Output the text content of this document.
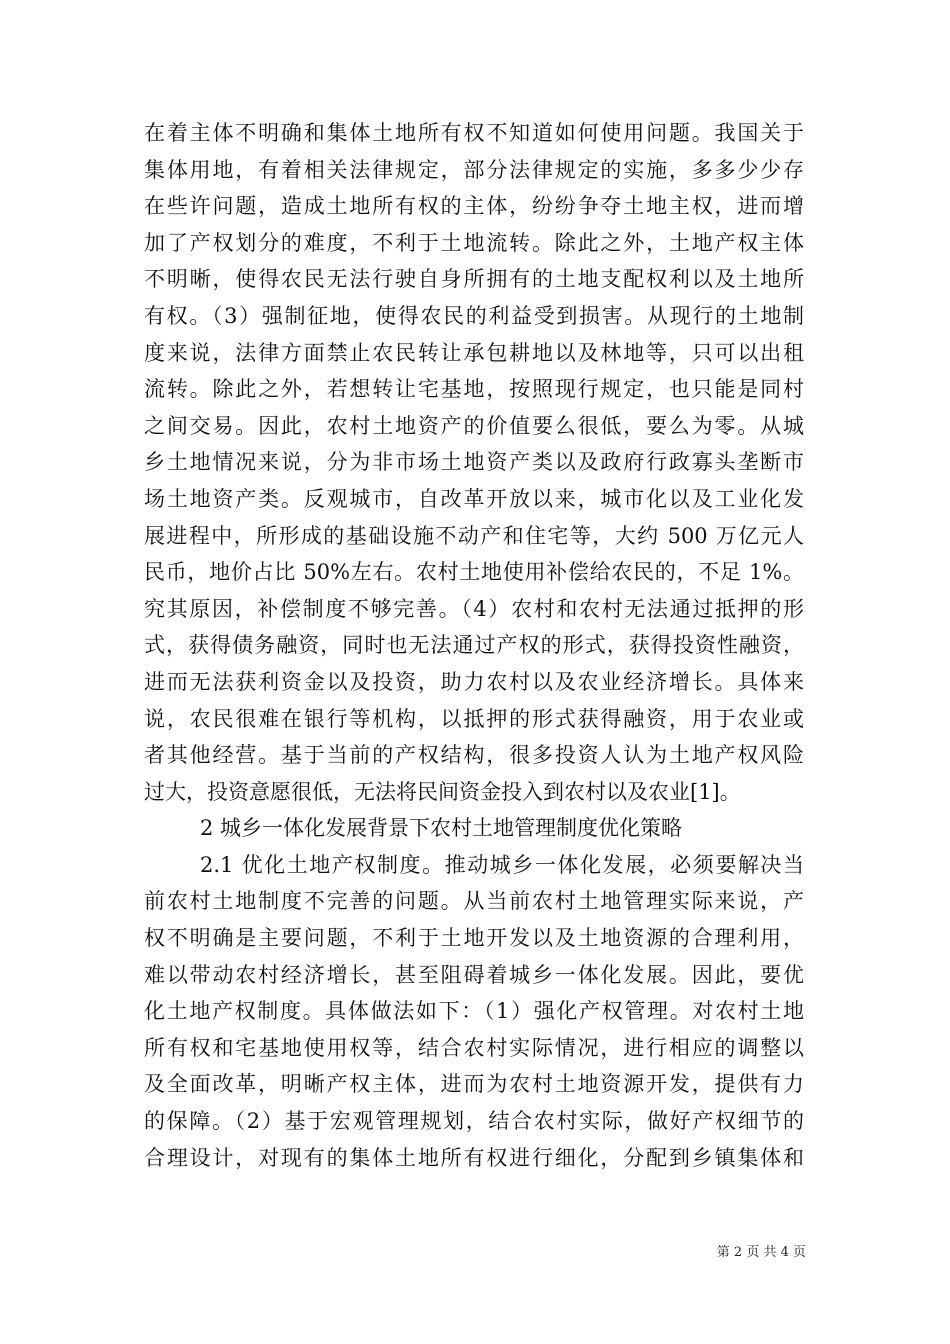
在着主体不明确和集体土地所有权不知道如何使用问题。我国关于
集体用地，有着相关法律规定，部分法律规定的实施，多多少少存
在些许问题，造成土地所有权的主体，纷纷争夺土地主权，进而增
加了产权划分的难度，不利于土地流转。除此之外，土地产权主体
不明晰，使得农民无法行驶自身所拥有的土地支配权利以及土地所
有权。（3）强制征地，使得农民的利益受到损害。从现行的土地制
度来说，法律方面禁止农民转让承包耕地以及林地等，只可以出租
流转。除此之外，若想转让宅基地，按照现行规定，也只能是同村
之间交易。因此，农村土地资产的价值要么很低，要么为零。从城
乡土地情况来说，分为非市场土地资产类以及政府行政寡头垄断市
场土地资产类。反观城市，自改革开放以来，城市化以及工业化发
展进程中，所形成的基础设施不动产和住宅等，大约 500 万亿元人
民币，地价占比 50%左右。农村土地使用补偿给农民的，不足 1%。
究其原因，补偿制度不够完善。（4）农村和农村无法通过抵押的形
式，获得债务融资，同时也无法通过产权的形式，获得投资性融资，
进而无法获利资金以及投资，助力农村以及农业经济增长。具体来
说，农民很难在银行等机构，以抵押的形式获得融资，用于农业或
者其他经营。基于当前的产权结构，很多投资人认为土地产权风险
过大，投资意愿很低，无法将民间资金投入到农村以及农业[1]。
2 城乡一体化发展背景下农村土地管理制度优化策略
2.1 优化土地产权制度。推动城乡一体化发展，必须要解决当
前农村土地制度不完善的问题。从当前农村土地管理实际来说，产
权不明确是主要问题，不利于土地开发以及土地资源的合理利用，
难以带动农村经济增长，甚至阻碍着城乡一体化发展。因此，要优
化土地产权制度。具体做法如下：（1）强化产权管理。对农村土地
所有权和宅基地使用权等，结合农村实际情况，进行相应的调整以
及全面改革，明晰产权主体，进而为农村土地资源开发，提供有力
的保障。（2）基于宏观管理规划，结合农村实际，做好产权细节的
合理设计，对现有的集体土地所有权进行细化，分配到乡镇集体和
第 2 页 共 4 页
